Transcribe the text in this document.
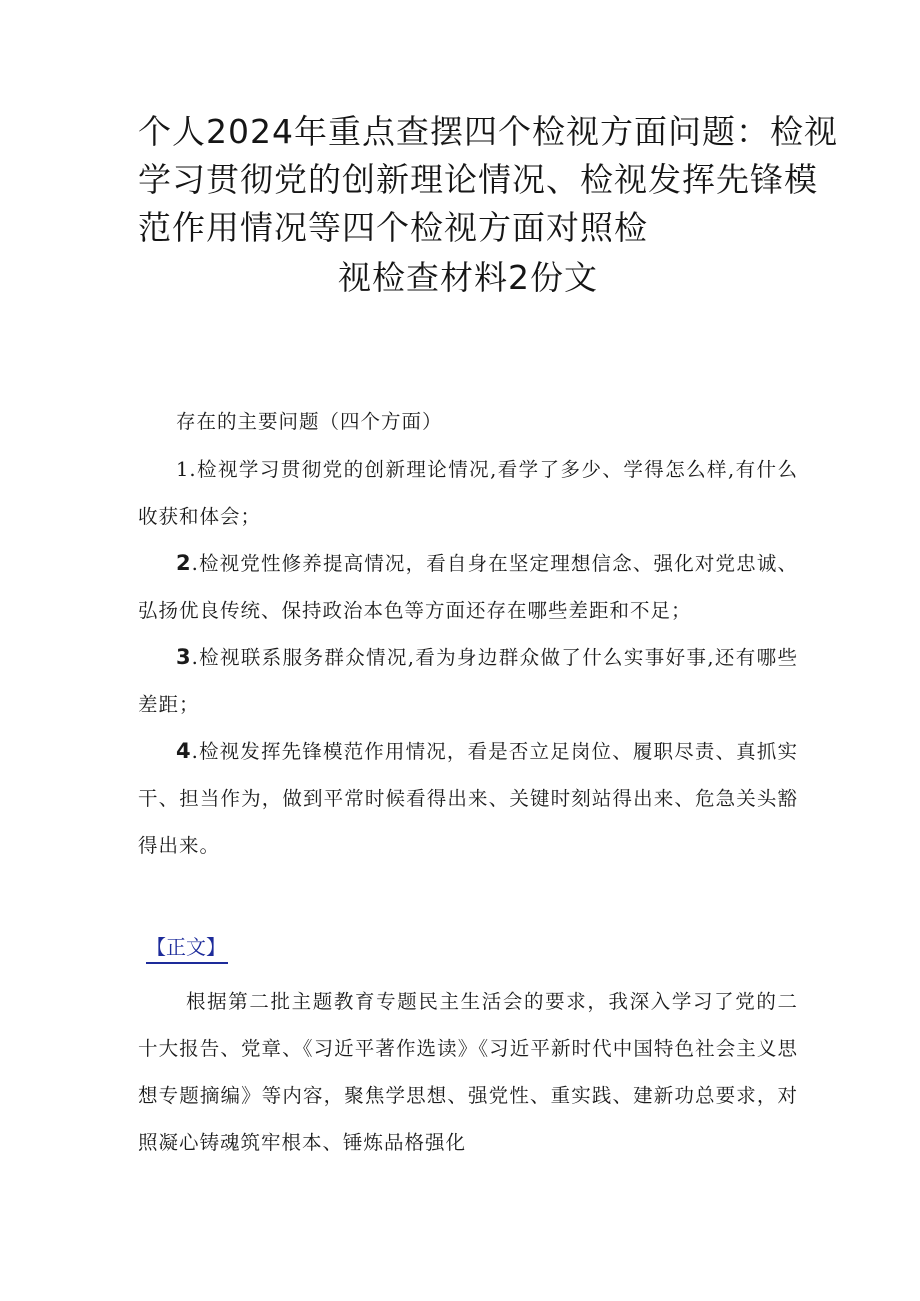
个人2024年重点查摆四个检视方面问题：检视
学习贯彻党的创新理论情况、检视发挥先锋模
范作用情况等四个检视方面对照检
视检查材料2份文
存在的主要问题（四个方面）
1.检视学习贯彻党的创新理论情况,看学了多少、学得怎么样,有什么收获和体会；
2.检视党性修养提高情况，看自身在坚定理想信念、强化对党忠诚、弘扬优良传统、保持政治本色等方面还存在哪些差距和不足；
3.检视联系服务群众情况,看为身边群众做了什么实事好事,还有哪些差距；
4.检视发挥先锋模范作用情况，看是否立足岗位、履职尽责、真抓实干、担当作为，做到平常时候看得出来、关键时刻站得出来、危急关头豁得出来。
【正文】
根据第二批主题教育专题民主生活会的要求，我深入学习了党的二十大报告、党章、《习近平著作选读》《习近平新时代中国特色社会主义思想专题摘编》等内容，聚焦学思想、强党性、重实践、建新功总要求，对照凝心铸魂筑牢根本、锤炼品格强化
